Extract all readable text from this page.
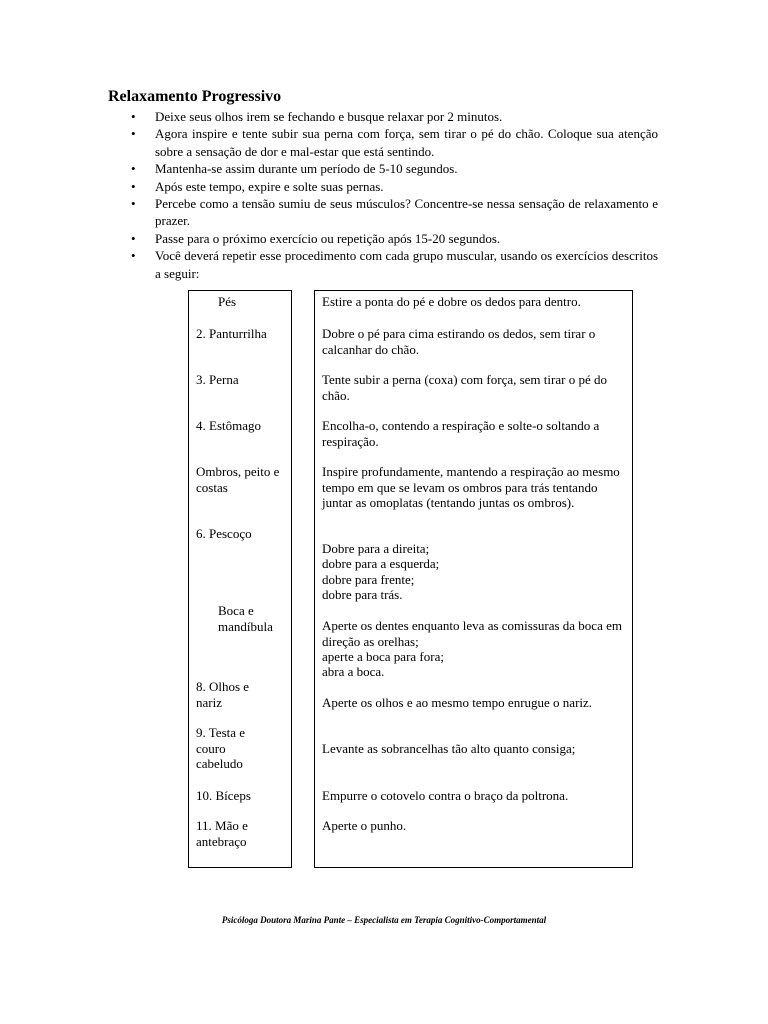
Relaxamento Progressivo
• Deixe seus olhos irem se fechando e busque relaxar por 2 minutos.
• Agora inspire e tente subir sua perna com força, sem tirar o pé do chão. Coloque sua atenção sobre a sensação de dor e mal-estar que está sentindo.
• Mantenha-se assim durante um período de 5-10 segundos.
• Após este tempo, expire e solte suas pernas.
• Percebe como a tensão sumiu de seus músculos? Concentre-se nessa sensação de relaxamento e prazer.
• Passe para o próximo exercício ou repetição após 15-20 segundos.
• Você deverá repetir esse procedimento com cada grupo muscular, usando os exercícios descritos a seguir:
Pés
2. Panturrilha
3. Perna
4. Estômago
Ombros, peito e costas
6. Pescoço
Boca e mandíbula
8. Olhos e nariz
9. Testa e couro cabeludo
10. Bíceps
11. Mão e antebraço
Estire a ponta do pé e dobre os dedos para dentro.
Dobre o pé para cima estirando os dedos, sem tirar o calcanhar do chão.
Tente subir a perna (coxa) com força, sem tirar o pé do chão.
Encolha-o, contendo a respiração e solte-o soltando a respiração.
Inspire profundamente, mantendo a respiração ao mesmo tempo em que se levam os ombros para trás tentando juntar as omoplatas (tentando juntas os ombros).
Dobre para a direita;
dobre para a esquerda;
dobre para frente;
dobre para trás.
Aperte os dentes enquanto leva as comissuras da boca em direção as orelhas;
aperte a boca para fora;
abra a boca.
Aperte os olhos e ao mesmo tempo enrugue o nariz.
Levante as sobrancelhas tão alto quanto consiga;
Empurre o cotovelo contra o braço da poltrona.
Aperte o punho.
Psicóloga Doutora Marina Pante – Especialista em Terapia Cognitivo-Comportamental
